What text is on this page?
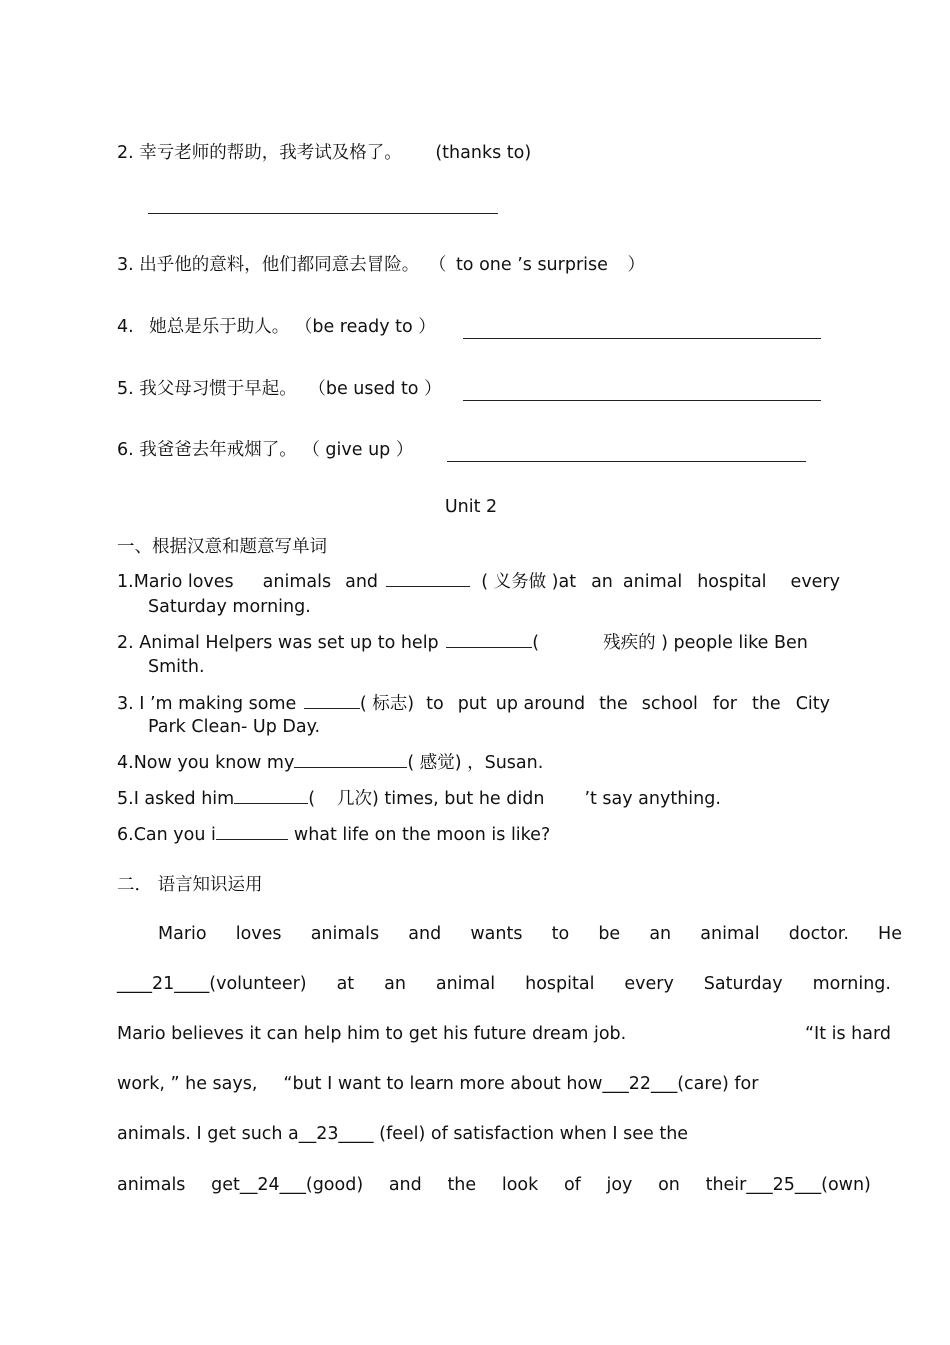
2. 幸亏老师的帮助，我考试及格了。 (thanks to)
3. 出乎他的意料，他们都同意去冒险。 （ to one ’s surprise ）
4. 她总是乐于助人。 （be ready to ）
5. 我父母习惯于早起。 （be used to ）
6. 我爸爸去年戒烟了。 （ give up ）
Unit 2
一、根据汉意和题意写单词
1.Mario loves animals and	( 义务做 )at an animal hospital every
Saturday morning.
2. Animal Helpers was set up to help	(	残疾的 ) people like Ben
Smith.
3. I ’m making some	( 标志) to put up around the school for the City
Park Clean- Up Day.
4.Now you know my	( 感觉) ，Susan.
5.I asked him	( 几次) times, but he didn ’t say anything.
6.Can you i	what life on the moon is like?
二． 语言知识运用
Mario loves animals and wants to be an animal doctor. He
____21____(volunteer) at an animal hospital every Saturday morning.
Mario believes it can help him to get his future dream job.	“It is hard
work, ” he says, “but I want to learn more about how___22___(care) for
animals. I get such a__23____ (feel) of satisfaction when I see the
animals get__24___(good) and the look of joy on their___25___(own)
